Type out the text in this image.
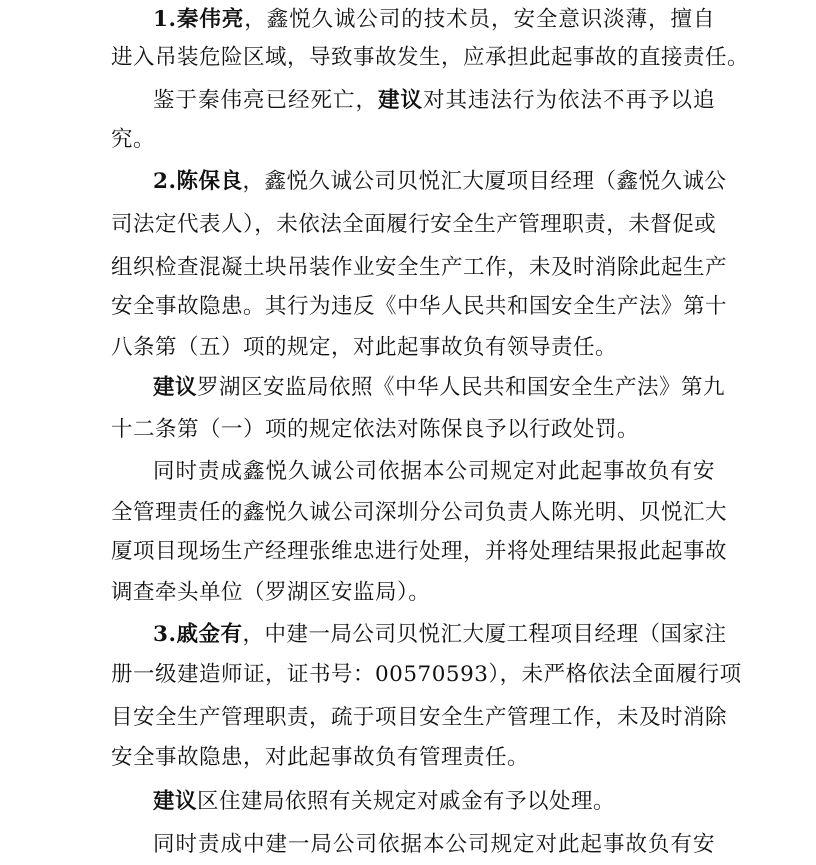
1.秦伟亮，鑫悦久诚公司的技术员，安全意识淡薄，擅自
进入吊装危险区域，导致事故发生，应承担此起事故的直接责任。
鉴于秦伟亮已经死亡，建议对其违法行为依法不再予以追
究。
2.陈保良，鑫悦久诚公司贝悦汇大厦项目经理（鑫悦久诚公
司法定代表人），未依法全面履行安全生产管理职责，未督促或
组织检查混凝土块吊装作业安全生产工作，未及时消除此起生产
安全事故隐患。其行为违反《中华人民共和国安全生产法》第十
八条第（五）项的规定，对此起事故负有领导责任。
建议罗湖区安监局依照《中华人民共和国安全生产法》第九
十二条第（一）项的规定依法对陈保良予以行政处罚。
同时责成鑫悦久诚公司依据本公司规定对此起事故负有安
全管理责任的鑫悦久诚公司深圳分公司负责人陈光明、贝悦汇大
厦项目现场生产经理张维忠进行处理，并将处理结果报此起事故
调查牵头单位（罗湖区安监局）。
3.戚金有，中建一局公司贝悦汇大厦工程项目经理（国家注
册一级建造师证，证书号：00570593），未严格依法全面履行项
目安全生产管理职责，疏于项目安全生产管理工作，未及时消除
安全事故隐患，对此起事故负有管理责任。
建议区住建局依照有关规定对戚金有予以处理。
同时责成中建一局公司依据本公司规定对此起事故负有安
